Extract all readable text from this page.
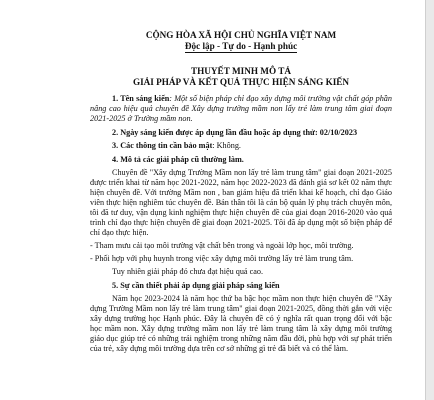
CỘNG HÒA XÃ HỘI CHỦ NGHĨA VIỆT NAM
Độc lập - Tự do - Hạnh phúc
THUYẾT MINH MÔ TẢ
GIẢI PHÁP VÀ KẾT QUẢ THỰC HIỆN SÁNG KIẾN
1. Tên sáng kiến: Một số biện pháp chỉ đạo xây dựng môi trường vật chất góp phần nâng cao hiệu quả chuyên đề Xây dựng trường mầm non lấy trẻ làm trung tâm giai đoạn 2021-2025 ở Trường mầm non.
2. Ngày sáng kiến được áp dụng lần đầu hoặc áp dụng thử: 02/10/2023
3. Các thông tin cần bảo mật: Không.
4. Mô tả các giải pháp cũ thường làm.
Chuyên đề "Xây dựng Trường Mầm non lấy trẻ làm trung tâm" giai đoạn 2021-2025 được triển khai từ năm học 2021-2022, năm học 2022-2023 đã đánh giá sơ kết 02 năm thực hiện chuyên đề. Với trường Mầm non , ban giám hiệu đã triển khai kế hoạch, chỉ đạo Giáo viên thực hiện nghiêm túc chuyên đề. Bản thân tôi là cán bộ quản lý phụ trách chuyên môn, tôi đã tư duy, vận dụng kinh nghiệm thực hiện chuyên đề của giai đoạn 2016-2020 vào quá trình chỉ đạo thực hiện chuyên đề giai đoạn 2021-2025. Tôi đã áp dụng một số biện pháp để chỉ đạo thực hiện.
- Tham mưu cải tạo môi trường vật chất bên trong và ngoài lớp học, môi trường.
- Phối hợp với phụ huynh trong việc xây dựng môi trường lấy trẻ làm trung tâm.
Tuy nhiên giải pháp đó chưa đạt hiệu quả cao.
5. Sự cần thiết phải áp dụng giải pháp sáng kiến
Năm học 2023-2024 là năm học thứ ba bậc học mầm non thực hiện chuyên đề "Xây dựng Trường Mầm non lấy trẻ làm trung tâm" giai đoạn 2021-2025, đồng thời gắn với việc xây dựng trường học Hạnh phúc. Đây là chuyên đề có ý nghĩa rất quan trọng đối với bậc học mầm non. Xây dựng trường mầm non lấy trẻ làm trung tâm là xây dựng môi trường giáo dục giúp trẻ có những trải nghiệm trong những năm đầu đời, phù hợp với sự phát triển của trẻ, xây dựng môi trường dựa trên cơ sở những gì trẻ đã biết và có thể làm.
